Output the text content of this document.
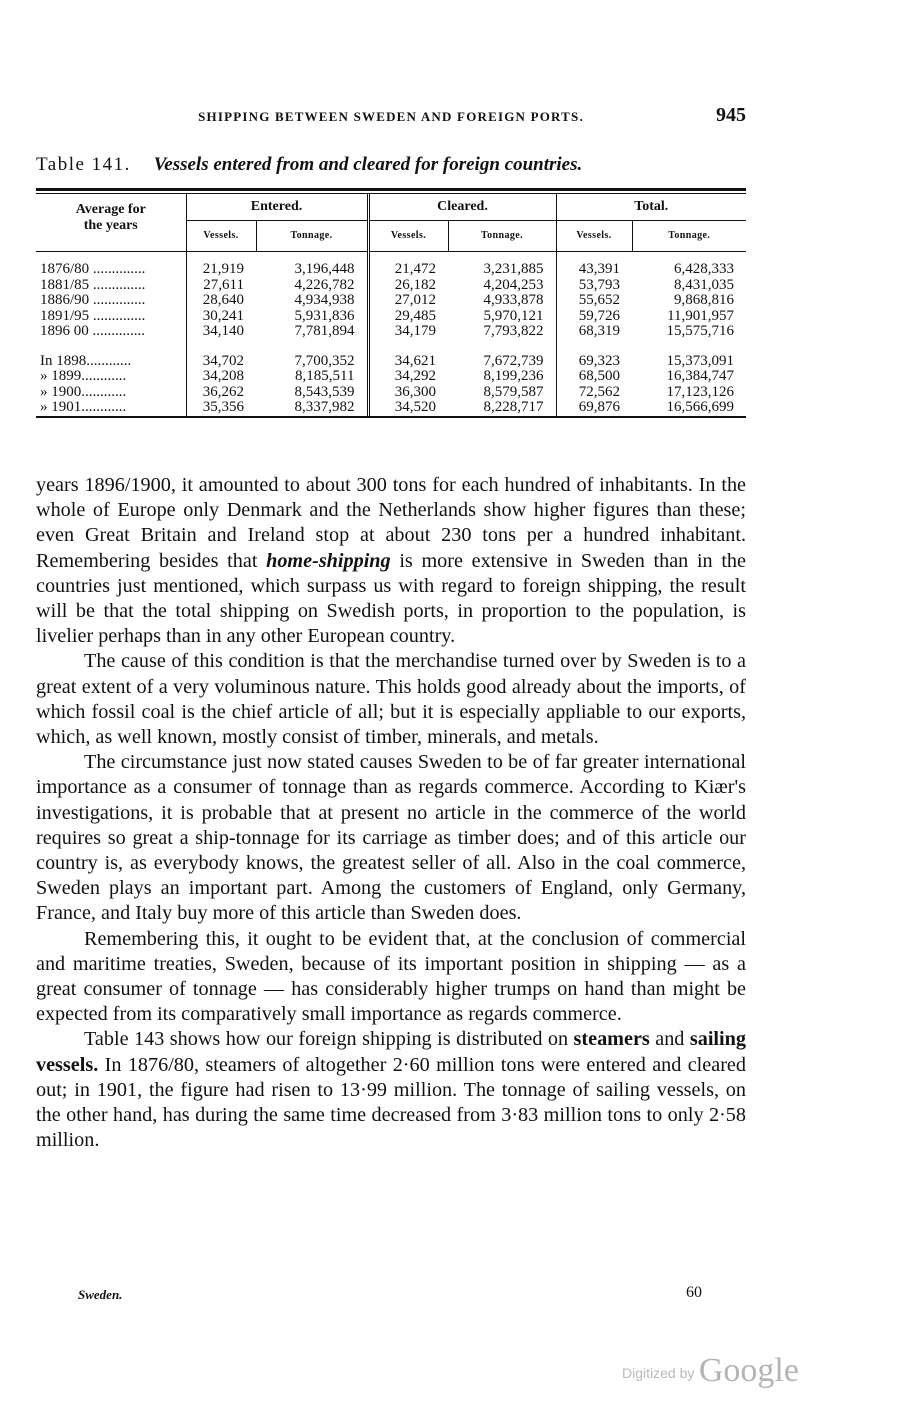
SHIPPING BETWEEN SWEDEN AND FOREIGN PORTS.	945
Table 141. Vessels entered from and cleared for foreign countries.
Average for
the years	Entered.		Cleared.		Total.	
	Vessels.	Tonnage.	Vessels.	Tonnage.	Vessels.	Tonnage.
1876/80 ..............	21,919	3,196,448	21,472	3,231,885	43,391	6,428,333
1881/85 ..............	27,611	4,226,782	26,182	4,204,253	53,793	8,431,035
1886/90 ..............	28,640	4,934,938	27,012	4,933,878	55,652	9,868,816
1891/95 ..............	30,241	5,931,836	29,485	5,970,121	59,726	11,901,957
1896 00 ..............	34,140	7,781,894	34,179	7,793,822	68,319	15,575,716

In 1898............	34,702	7,700,352	34,621	7,672,739	69,323	15,373,091
» 1899............	34,208	8,185,511	34,292	8,199,236	68,500	16,384,747
» 1900............	36,262	8,543,539	36,300	8,579,587	72,562	17,123,126
» 1901............	35,356	8,337,982	34,520	8,228,717	69,876	16,566,699

years 1896/1900, it amounted to about 300 tons for each hundred of inhabitants. In the whole of Europe only Denmark and the Netherlands show higher figures than these; even Great Britain and Ireland stop at about 230 tons per a hundred inhabitant. Remembering besides that home-shipping is more extensive in Sweden than in the countries just mentioned, which surpass us with regard to foreign shipping, the result will be that the total shipping on Swedish ports, in proportion to the population, is livelier perhaps than in any other European country.

The cause of this condition is that the merchandise turned over by Sweden is to a great extent of a very voluminous nature. This holds good already about the imports, of which fossil coal is the chief article of all; but it is especially appliable to our exports, which, as well known, mostly consist of timber, minerals, and metals.

The circumstance just now stated causes Sweden to be of far greater international importance as a consumer of tonnage than as regards commerce. According to Kiær's investigations, it is probable that at present no article in the commerce of the world requires so great a ship-tonnage for its carriage as timber does; and of this article our country is, as everybody knows, the greatest seller of all. Also in the coal commerce, Sweden plays an important part. Among the customers of England, only Germany, France, and Italy buy more of this article than Sweden does.

Remembering this, it ought to be evident that, at the conclusion of commercial and maritime treaties, Sweden, because of its important position in shipping — as a great consumer of tonnage — has considerably higher trumps on hand than might be expected from its comparatively small importance as regards commerce.

Table 143 shows how our foreign shipping is distributed on steamers and sailing vessels. In 1876/80, steamers of altogether 2·60 million tons were entered and cleared out; in 1901, the figure had risen to 13·99 million. The tonnage of sailing vessels, on the other hand, has during the same time decreased from 3·83 million tons to only 2·58 million.

Sweden.	60
Digitized by Google
